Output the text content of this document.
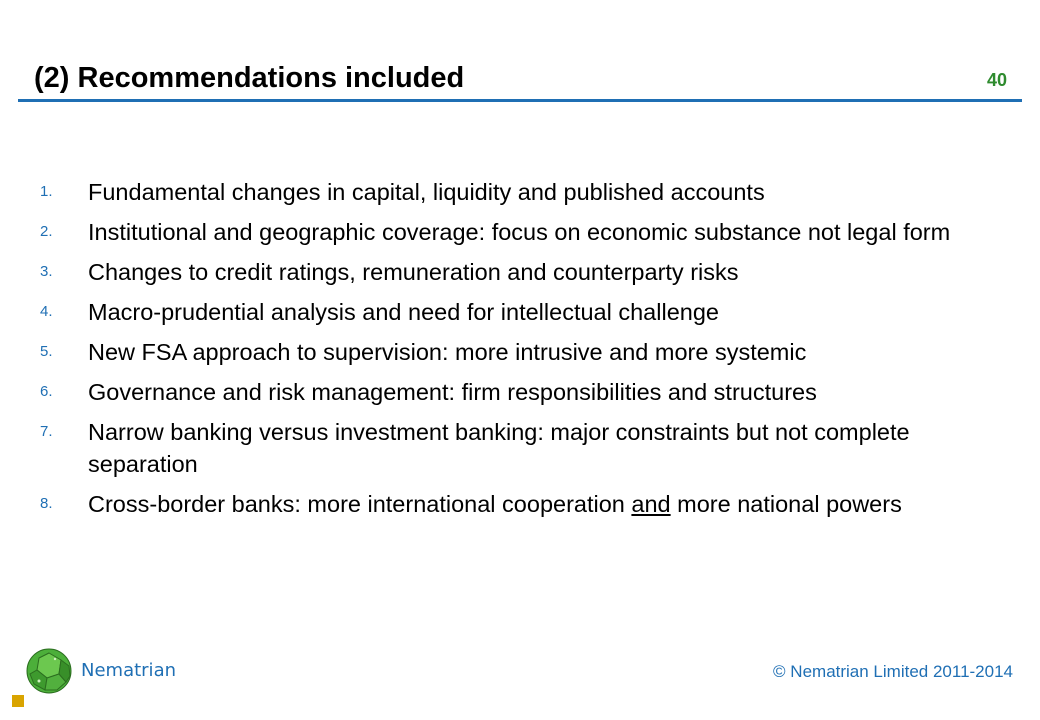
(2) Recommendations included	40
1.	Fundamental changes in capital, liquidity and published accounts
2.	Institutional and geographic coverage: focus on economic substance not legal form
3.	Changes to credit ratings, remuneration and counterparty risks
4.	Macro-prudential analysis and need for intellectual challenge
5.	New FSA approach to supervision: more intrusive and more systemic
6.	Governance and risk management: firm responsibilities and structures
7.	Narrow banking versus investment banking: major constraints but not complete separation
8.	Cross-border banks: more international cooperation and more national powers
Nematrian	© Nematrian Limited 2011-2014
